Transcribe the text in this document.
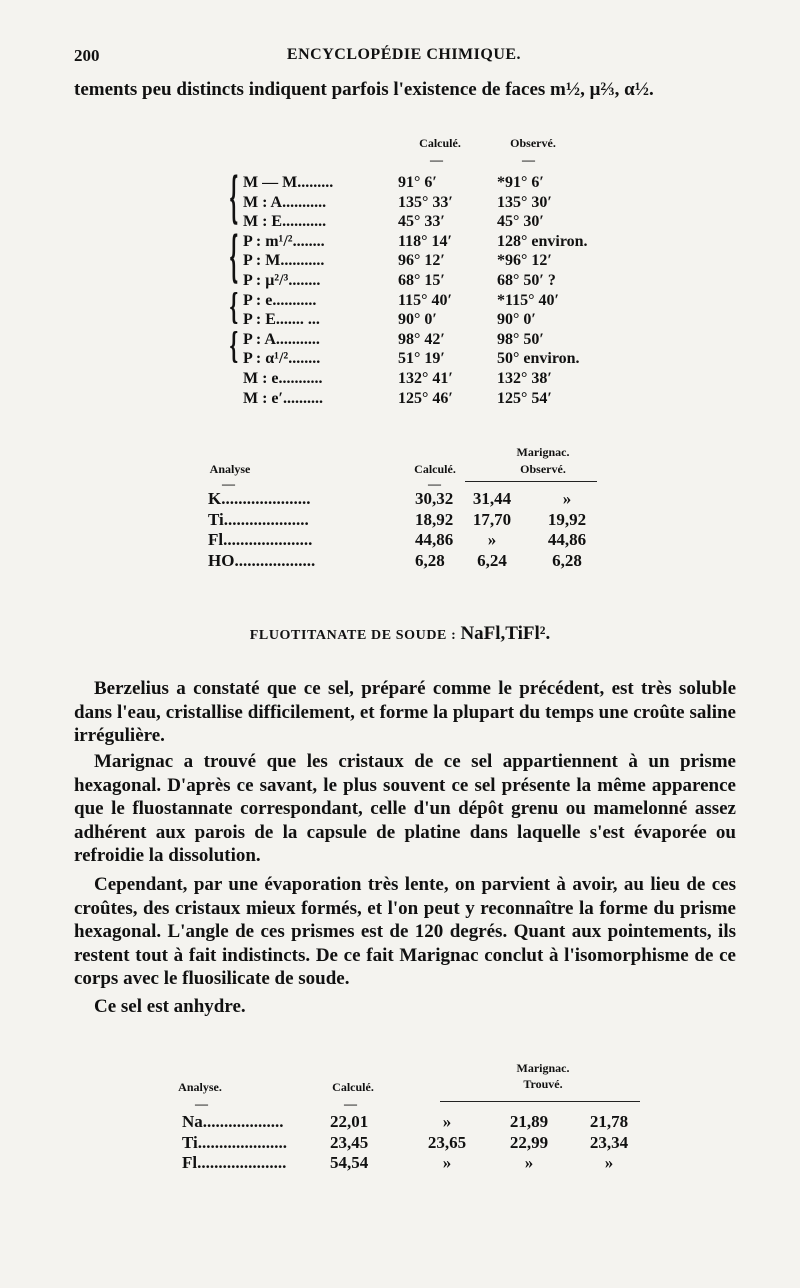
200	ENCYCLOPÉDIE CHIMIQUE.
tements peu distincts indiquent parfois l'existence de faces m½, μ⅔, α½.
Calculé.	Observé.
—	—
{
{
{
{
M — M.........	91° 6′	*91° 6′
M : A...........	135° 33′	135° 30′
M : E...........	45° 33′	45° 30′
P : m¹/²........	118° 14′	128° environ.
P : M...........	96° 12′	*96° 12′
P : μ²/³........	68° 15′	68° 50′ ?
P : e...........	115° 40′	*115° 40′
P : E....... ...	90° 0′	90° 0′
P : A...........	98° 42′	98° 50′
P : α¹/²........	51° 19′	50° environ.
M : e...........	132° 41′	132° 38′
M : e′..........	125° 46′	125° 54′
Analyse	Calculé.
Marignac.
Observé.
—	—
K.....................	30,32	31,44	»
Ti....................	18,92	17,70	19,92
Fl.....................	44,86	»	44,86
HO...................	6,28	6,24	6,28
FLUOTITANATE DE SOUDE : NaFl,TiFl².
Berzelius a constaté que ce sel, préparé comme le précédent, est très soluble dans l'eau, cristallise difficilement, et forme la plupart du temps une croûte saline irrégulière.
Marignac a trouvé que les cristaux de ce sel appartiennent à un prisme hexagonal. D'après ce savant, le plus souvent ce sel présente la même apparence que le fluostannate correspondant, celle d'un dépôt grenu ou mamelonné assez adhérent aux parois de la capsule de platine dans laquelle s'est évaporée ou refroidie la dissolution.
Cependant, par une évaporation très lente, on parvient à avoir, au lieu de ces croûtes, des cristaux mieux formés, et l'on peut y reconnaître la forme du prisme hexagonal. L'angle de ces prismes est de 120 degrés. Quant aux pointements, ils restent tout à fait indistincts. De ce fait Marignac conclut à l'isomorphisme de ce corps avec le fluosilicate de soude.
Ce sel est anhydre.
Analyse.	Calculé.
Marignac.
Trouvé.
—	—
Na...................	22,01	»	21,89	21,78
Ti.....................	23,45	23,65	22,99	23,34
Fl.....................	54,54	»	»	»
